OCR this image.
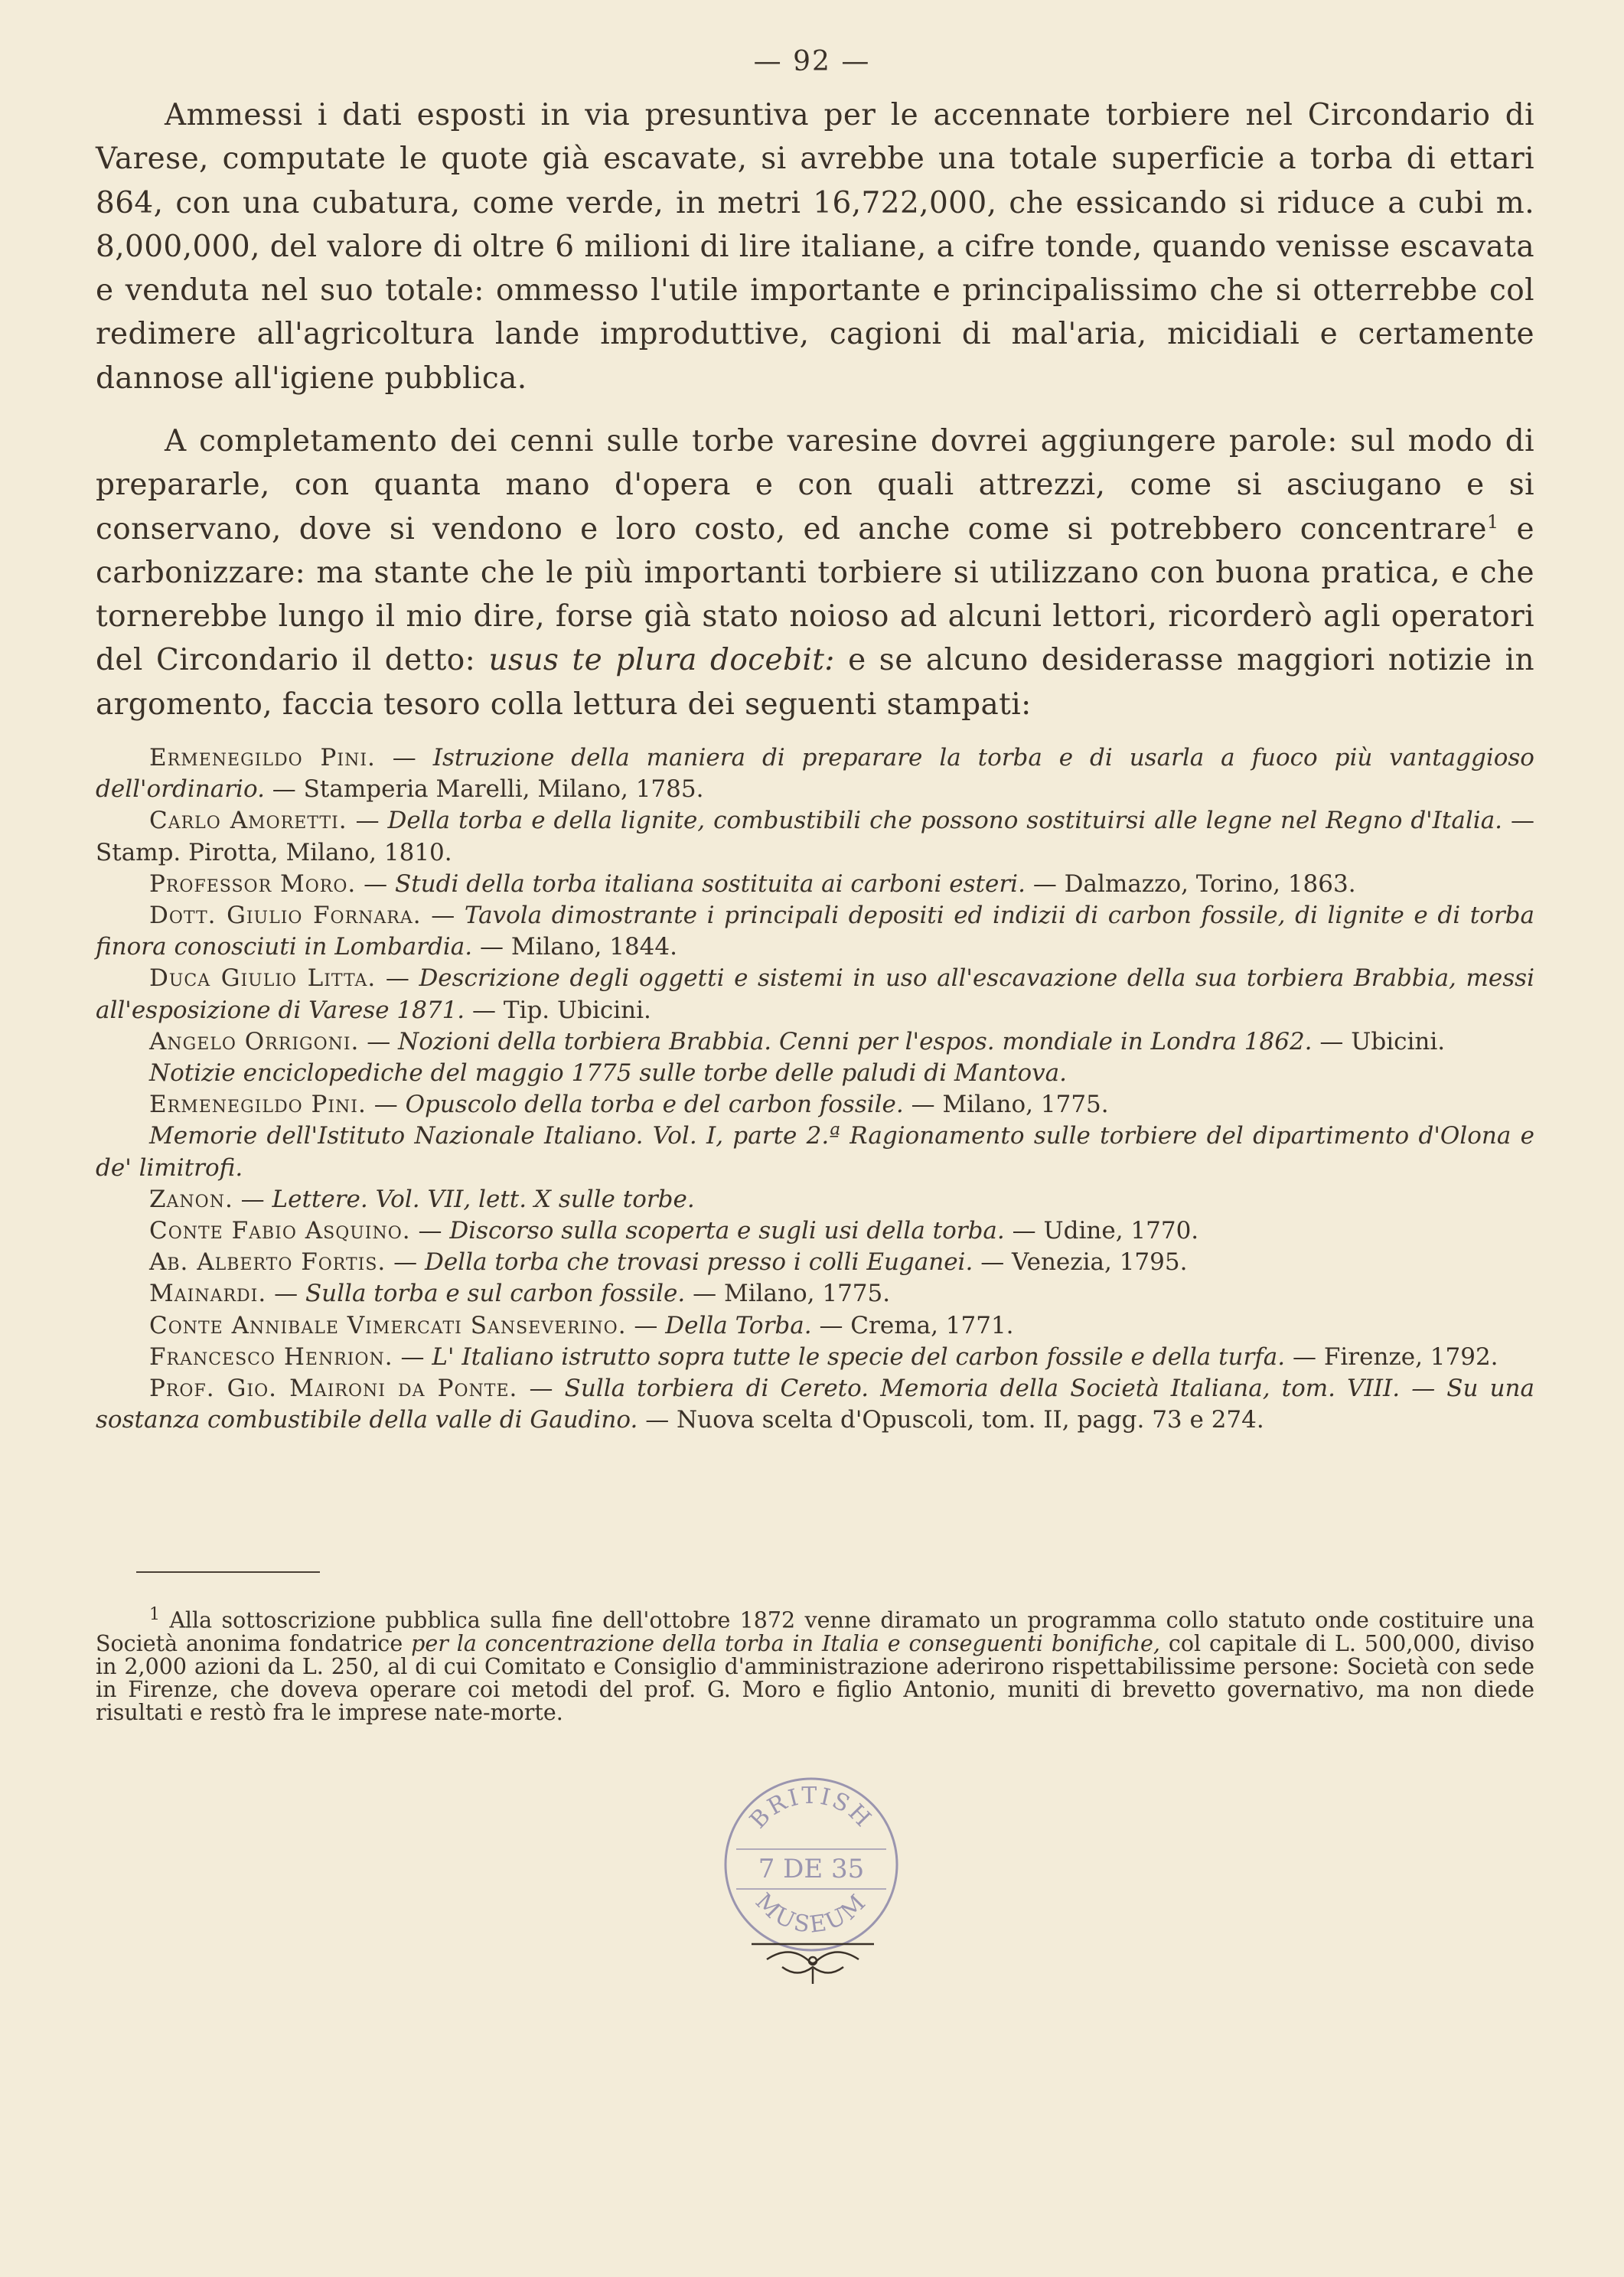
— 92 —

Ammessi i dati esposti in via presuntiva per le accennate torbiere nel Circondario di Varese, computate le quote già escavate, si avrebbe una totale superficie a torba di ettari 864, con una cubatura, come verde, in metri 16,722,000, che essicando si riduce a cubi m. 8,000,000, del valore di oltre 6 milioni di lire italiane, a cifre tonde, quando venisse escavata e venduta nel suo totale: ommesso l'utile importante e principalissimo che si otterrebbe col redimere all'agricoltura lande improduttive, cagioni di mal'aria, micidiali e certamente dannose all'igiene pubblica.

A completamento dei cenni sulle torbe varesine dovrei aggiungere parole: sul modo di prepararle, con quanta mano d'opera e con quali attrezzi, come si asciugano e si conservano, dove si vendono e loro costo, ed anche come si potrebbero concentrare$^1$ e carbonizzare: ma stante che le più importanti torbiere si utilizzano con buona pratica, e che tornerebbe lungo il mio dire, forse già stato noioso ad alcuni lettori, ricorderò agli operatori del Circondario il detto: usus te plura docebit: e se alcuno desiderasse maggiori notizie in argomento, faccia tesoro colla lettura dei seguenti stampati:

Ermenegildo Pini. — Istruzione della maniera di preparare la torba e di usarla a fuoco più vantaggioso dell'ordinario. — Stamperia Marelli, Milano, 1785.

Carlo Amoretti. — Della torba e della lignite, combustibili che possono sostituirsi alle legne nel Regno d'Italia. — Stamp. Pirotta, Milano, 1810.

Professor Moro. — Studi della torba italiana sostituita ai carboni esteri. — Dalmazzo, Torino, 1863.

Dott. Giulio Fornara. — Tavola dimostrante i principali depositi ed indizii di carbon fossile, di lignite e di torba finora conosciuti in Lombardia. — Milano, 1844.

Duca Giulio Litta. — Descrizione degli oggetti e sistemi in uso all'escavazione della sua torbiera Brabbia, messi all'esposizione di Varese 1871. — Tip. Ubicini.

Angelo Orrigoni. — Nozioni della torbiera Brabbia. Cenni per l'espos. mondiale in Londra 1862. — Ubicini.

Notizie enciclopediche del maggio 1775 sulle torbe delle paludi di Mantova.

Ermenegildo Pini. — Opuscolo della torba e del carbon fossile. — Milano, 1775.

Memorie dell'Istituto Nazionale Italiano. Vol. I, parte 2.ª Ragionamento sulle torbiere del dipartimento d'Olona e de' limitrofi.

Zanon. — Lettere. Vol. VII, lett. X sulle torbe.

Conte Fabio Asquino. — Discorso sulla scoperta e sugli usi della torba. — Udine, 1770.

Ab. Alberto Fortis. — Della torba che trovasi presso i colli Euganei. — Venezia, 1795.

Mainardi. — Sulla torba e sul carbon fossile. — Milano, 1775.

Conte Annibale Vimercati Sanseverino. — Della Torba. — Crema, 1771.

Francesco Henrion. — L' Italiano istrutto sopra tutte le specie del carbon fossile e della turfa. — Firenze, 1792.

Prof. Gio. Maironi da Ponte. — Sulla torbiera di Cereto. Memoria della Società Italiana, tom. VIII. — Su una sostanza combustibile della valle di Gaudino. — Nuova scelta d'Opuscoli, tom. II, pagg. 73 e 274.

$^1$ Alla sottoscrizione pubblica sulla fine dell'ottobre 1872 venne diramato un programma collo statuto onde costituire una Società anonima fondatrice per la concentrazione della torba in Italia e conseguenti bonifiche, col capitale di L. 500,000, diviso in 2,000 azioni da L. 250, al di cui Comitato e Consiglio d'amministrazione aderirono rispettabilissime persone: Società con sede in Firenze, che doveva operare coi metodi del prof. G. Moro e figlio Antonio, muniti di brevetto governativo, ma non diede risultati e restò fra le imprese nate-morte.

BRITISH
MUSEUM
7 DE 35
